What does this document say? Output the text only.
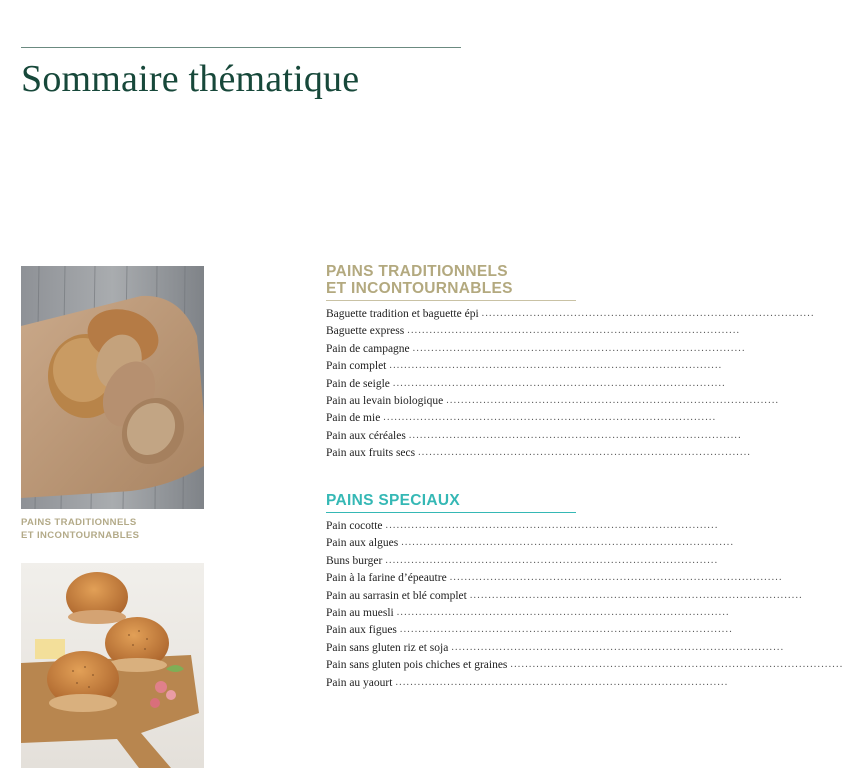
Sommaire thématique
PAINS TRADITIONNELS
ET INCONTOURNABLES
PAINS TRADITIONNELS
ET INCONTOURNABLES
Baguette tradition et baguette épi ..........................................................................................
Baguette express ..........................................................................................
Pain de campagne ..........................................................................................
Pain complet ..........................................................................................
Pain de seigle ..........................................................................................
Pain au levain biologique ..........................................................................................
Pain de mie ..........................................................................................
Pain aux céréales ..........................................................................................
Pain aux fruits secs ..........................................................................................
PAINS SPECIAUX
Pain cocotte ..........................................................................................
Pain aux algues ..........................................................................................
Buns burger ..........................................................................................
Pain à la farine d’épeautre ..........................................................................................
Pain au sarrasin et blé complet ..........................................................................................
Pain au muesli ..........................................................................................
Pain aux figues ..........................................................................................
Pain sans gluten riz et soja ..........................................................................................
Pain sans gluten pois chiches et graines ..........................................................................................
Pain au yaourt ..........................................................................................
